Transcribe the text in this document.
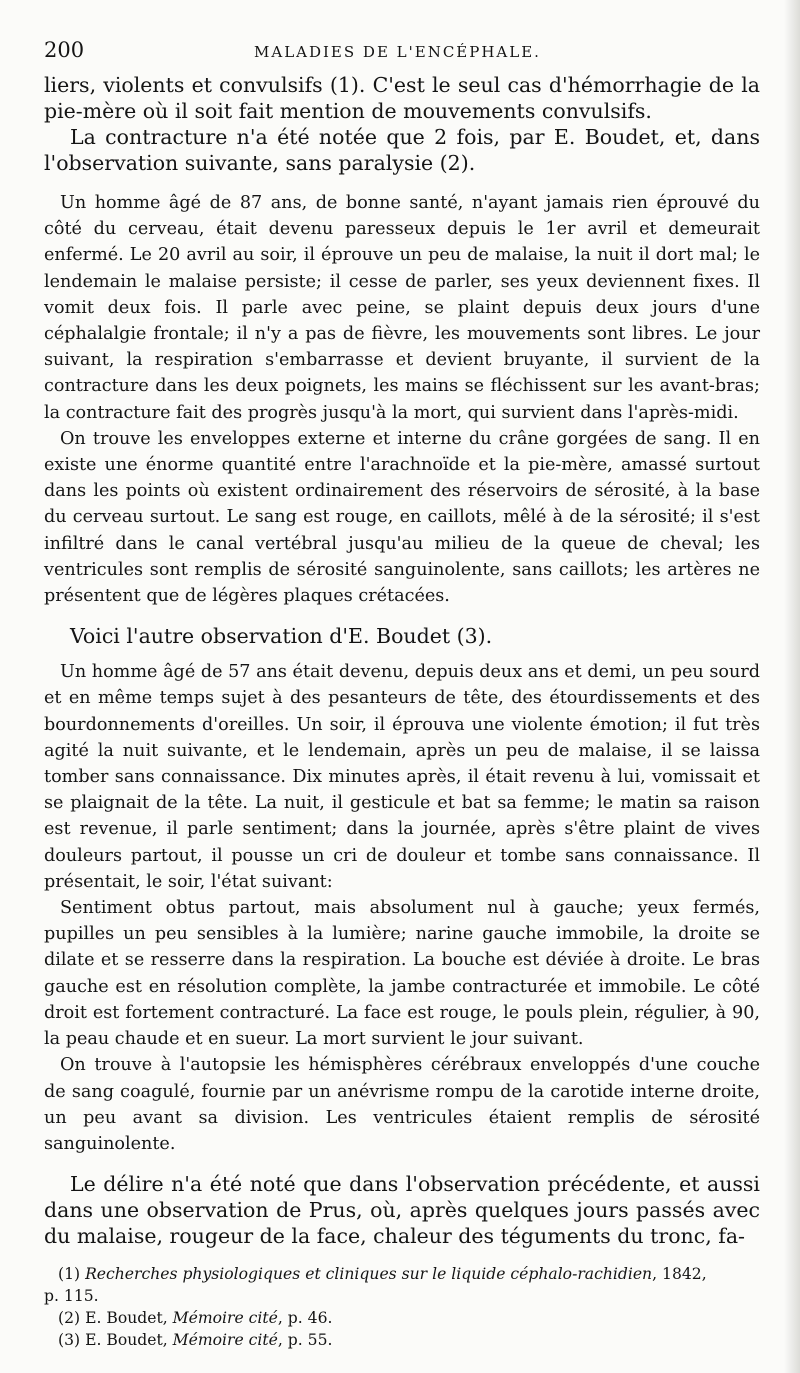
200	MALADIES DE L'ENCÉPHALE.

liers, violents et convulsifs (1). C'est le seul cas d'hémorrhagie de la pie-mère où il soit fait mention de mouvements convulsifs.

La contracture n'a été notée que 2 fois, par E. Boudet, et, dans l'observation suivante, sans paralysie (2).

Un homme âgé de 87 ans, de bonne santé, n'ayant jamais rien éprouvé du côté du cerveau, était devenu paresseux depuis le 1er avril et demeurait enfermé. Le 20 avril au soir, il éprouve un peu de malaise, la nuit il dort mal; le lendemain le malaise persiste; il cesse de parler, ses yeux deviennent fixes. Il vomit deux fois. Il parle avec peine, se plaint depuis deux jours d'une céphalalgie frontale; il n'y a pas de fièvre, les mouvements sont libres. Le jour suivant, la respiration s'embarrasse et devient bruyante, il survient de la contracture dans les deux poignets, les mains se fléchissent sur les avant-bras; la contracture fait des progrès jusqu'à la mort, qui survient dans l'après-midi.

On trouve les enveloppes externe et interne du crâne gorgées de sang. Il en existe une énorme quantité entre l'arachnoïde et la pie-mère, amassé surtout dans les points où existent ordinairement des réservoirs de sérosité, à la base du cerveau surtout. Le sang est rouge, en caillots, mêlé à de la sérosité; il s'est infiltré dans le canal vertébral jusqu'au milieu de la queue de cheval; les ventricules sont remplis de sérosité sanguinolente, sans caillots; les artères ne présentent que de légères plaques crétacées.

Voici l'autre observation d'E. Boudet (3).

Un homme âgé de 57 ans était devenu, depuis deux ans et demi, un peu sourd et en même temps sujet à des pesanteurs de tête, des étourdissements et des bourdonnements d'oreilles. Un soir, il éprouva une violente émotion; il fut très agité la nuit suivante, et le lendemain, après un peu de malaise, il se laissa tomber sans connaissance. Dix minutes après, il était revenu à lui, vomissait et se plaignait de la tête. La nuit, il gesticule et bat sa femme; le matin sa raison est revenue, il parle sentiment; dans la journée, après s'être plaint de vives douleurs partout, il pousse un cri de douleur et tombe sans connaissance. Il présentait, le soir, l'état suivant:

Sentiment obtus partout, mais absolument nul à gauche; yeux fermés, pupilles un peu sensibles à la lumière; narine gauche immobile, la droite se dilate et se resserre dans la respiration. La bouche est déviée à droite. Le bras gauche est en résolution complète, la jambe contracturée et immobile. Le côté droit est fortement contracturé. La face est rouge, le pouls plein, régulier, à 90, la peau chaude et en sueur. La mort survient le jour suivant.

On trouve à l'autopsie les hémisphères cérébraux enveloppés d'une couche de sang coagulé, fournie par un anévrisme rompu de la carotide interne droite, un peu avant sa division. Les ventricules étaient remplis de sérosité sanguinolente.

Le délire n'a été noté que dans l'observation précédente, et aussi dans une observation de Prus, où, après quelques jours passés avec du malaise, rougeur de la face, chaleur des téguments du tronc, fa-

(1) Recherches physiologiques et cliniques sur le liquide céphalo-rachidien, 1842,

p. 115.

(2) E. Boudet, Mémoire cité, p. 46.

(3) E. Boudet, Mémoire cité, p. 55.
